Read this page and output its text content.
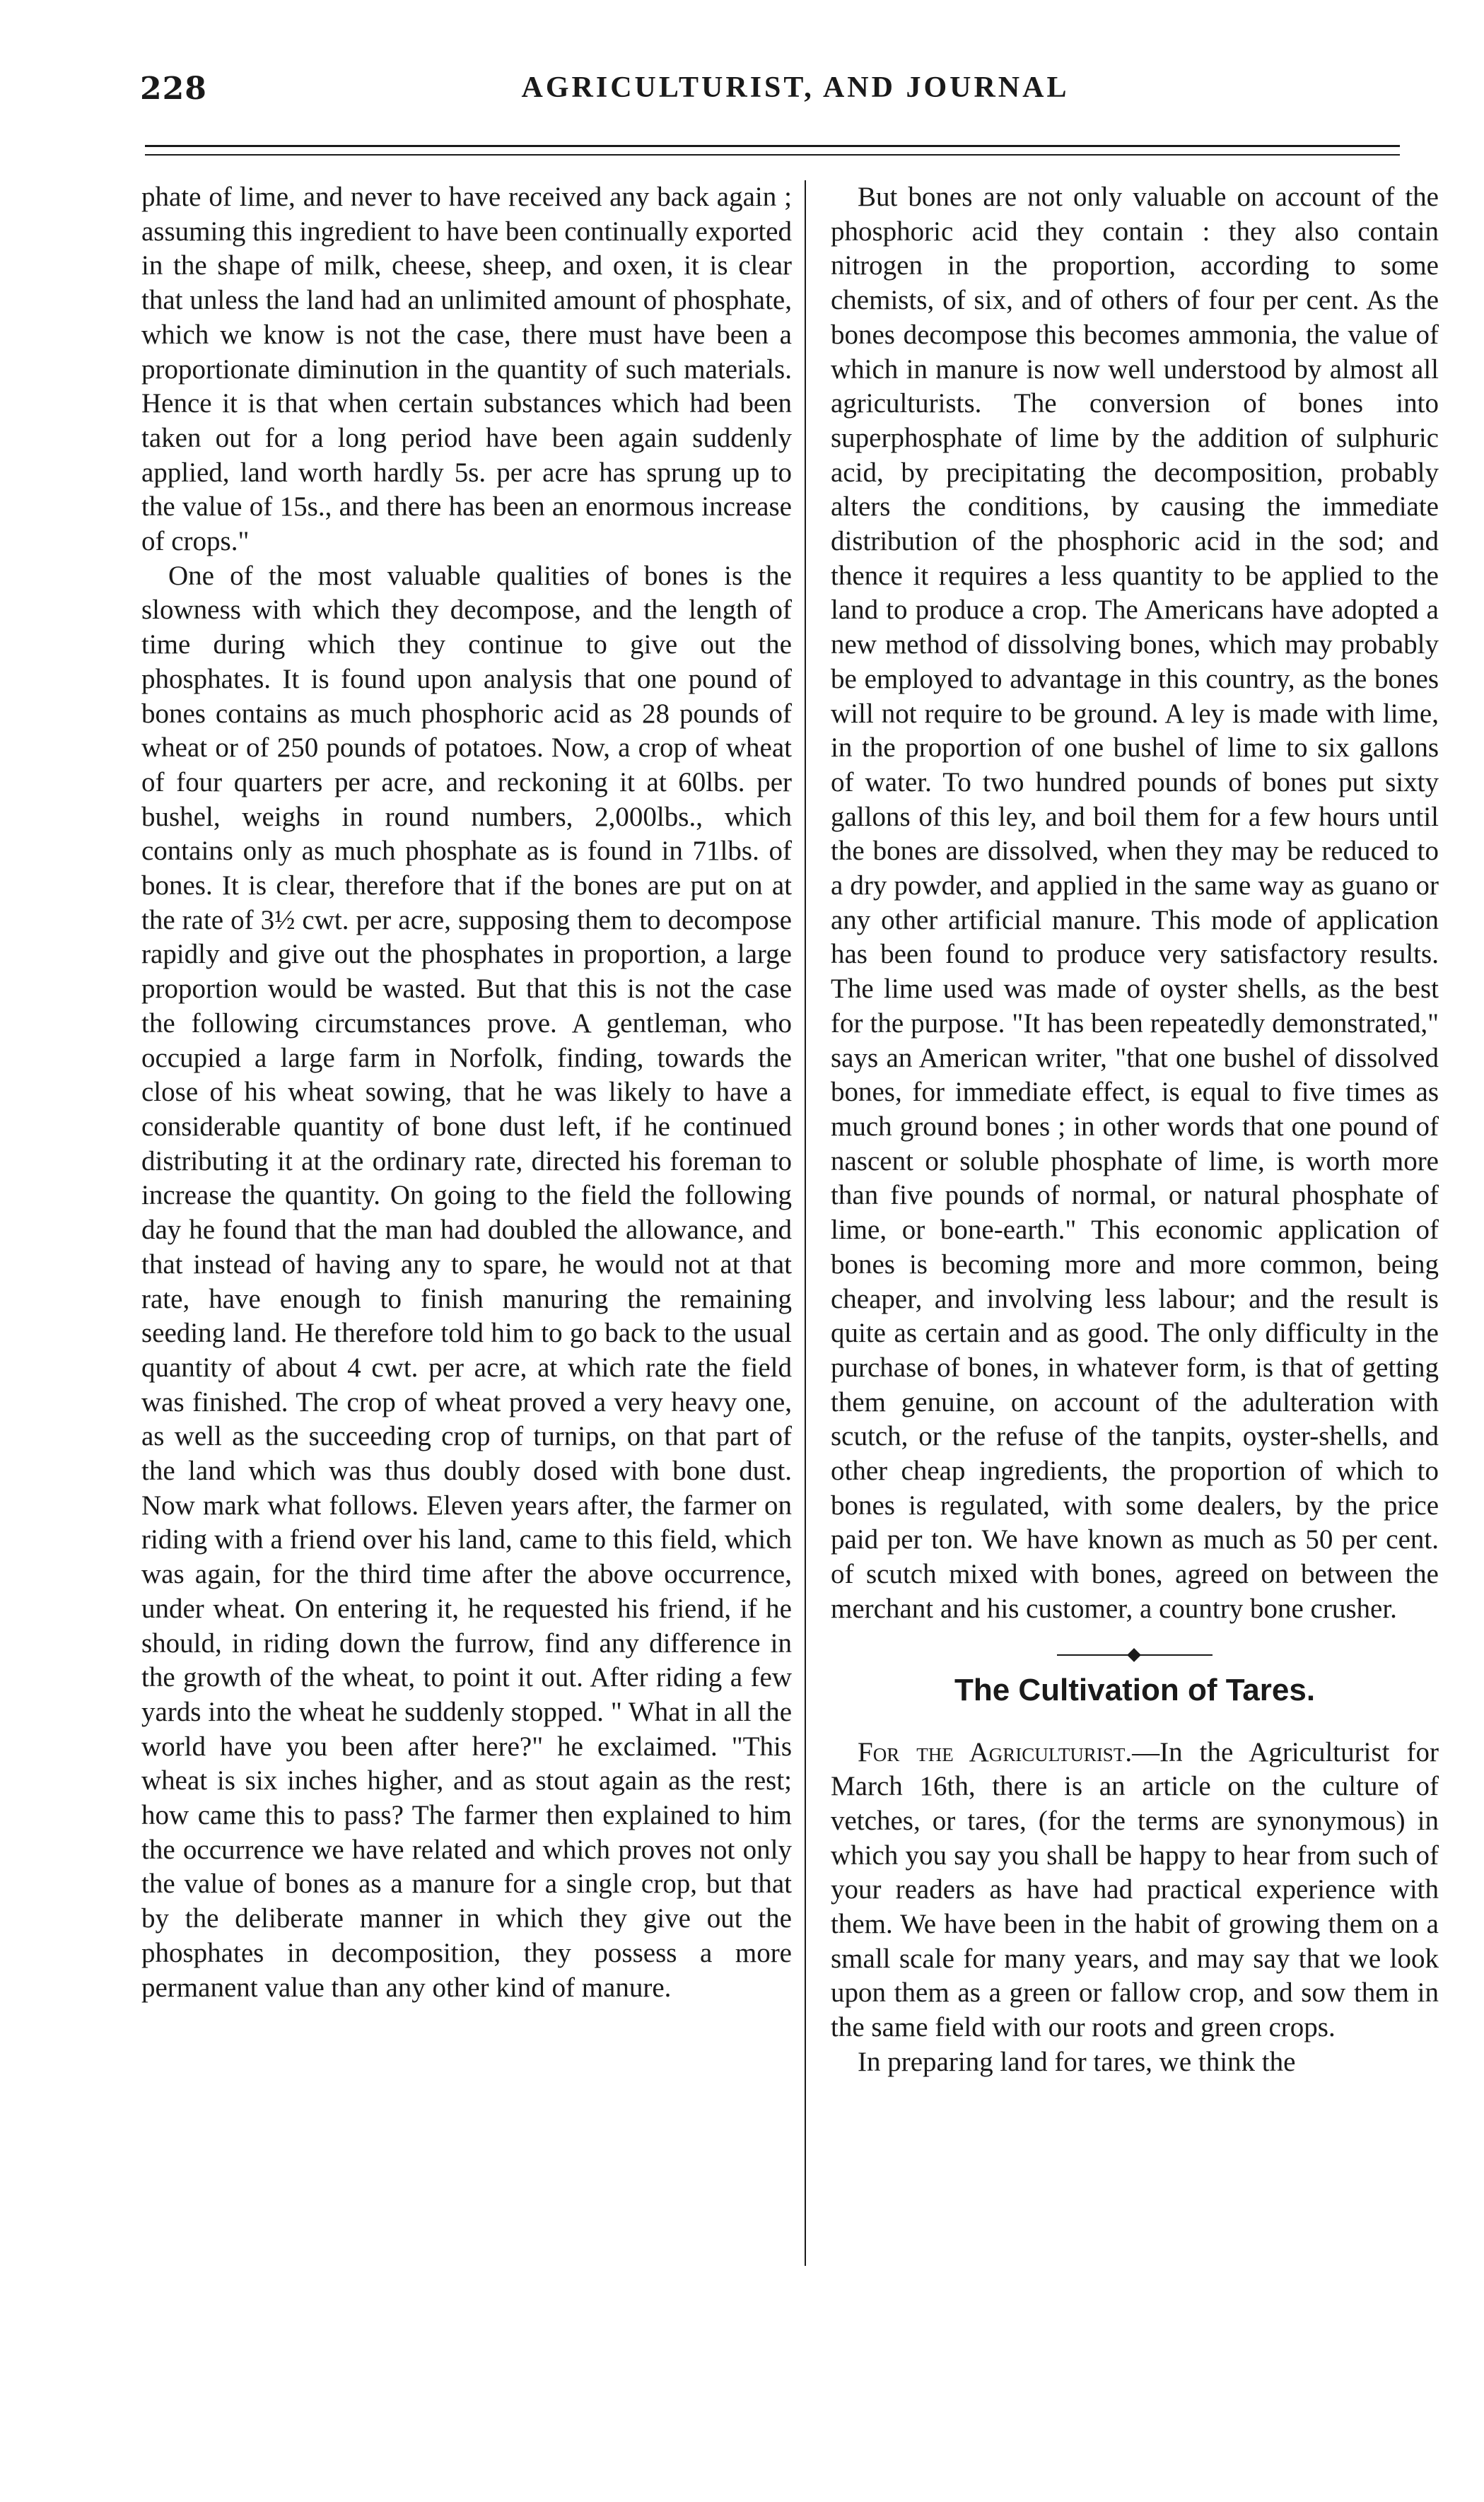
228	AGRICULTURIST, AND JOURNAL

phate of lime, and never to have received any back again ; assuming this ingredient to have been continually exported in the shape of milk, cheese, sheep, and oxen, it is clear that unless the land had an unlimited amount of phosphate, which we know is not the case, there must have been a proportionate diminution in the quantity of such materials. Hence it is that when certain substances which had been taken out for a long period have been again suddenly applied, land worth hardly 5s. per acre has sprung up to the value of 15s., and there has been an enormous increase of crops."

One of the most valuable qualities of bones is the slowness with which they decompose, and the length of time during which they continue to give out the phosphates. It is found upon analysis that one pound of bones contains as much phosphoric acid as 28 pounds of wheat or of 250 pounds of potatoes. Now, a crop of wheat of four quarters per acre, and reckoning it at 60lbs. per bushel, weighs in round numbers, 2,000lbs., which contains only as much phosphate as is found in 71lbs. of bones. It is clear, therefore that if the bones are put on at the rate of 3½ cwt. per acre, supposing them to decompose rapidly and give out the phosphates in proportion, a large proportion would be wasted. But that this is not the case the following circumstances prove. A gentleman, who occupied a large farm in Norfolk, finding, towards the close of his wheat sowing, that he was likely to have a considerable quantity of bone dust left, if he continued distributing it at the ordinary rate, directed his foreman to increase the quantity. On going to the field the following day he found that the man had doubled the allowance, and that instead of having any to spare, he would not at that rate, have enough to finish manuring the remaining seeding land. He therefore told him to go back to the usual quantity of about 4 cwt. per acre, at which rate the field was finished. The crop of wheat proved a very heavy one, as well as the succeeding crop of turnips, on that part of the land which was thus doubly dosed with bone dust. Now mark what follows. Eleven years after, the farmer on riding with a friend over his land, came to this field, which was again, for the third time after the above occurrence, under wheat. On entering it, he requested his friend, if he should, in riding down the furrow, find any difference in the growth of the wheat, to point it out. After riding a few yards into the wheat he suddenly stopped. " What in all the world have you been after here?" he exclaimed. "This wheat is six inches higher, and as stout again as the rest; how came this to pass? The farmer then explained to him the occurrence we have related and which proves not only the value of bones as a manure for a single crop, but that by the deliberate manner in which they give out the phosphates in decomposition, they possess a more permanent value than any other kind of manure.

But bones are not only valuable on account of the phosphoric acid they contain : they also contain nitrogen in the proportion, according to some chemists, of six, and of others of four per cent. As the bones decompose this becomes ammonia, the value of which in manure is now well understood by almost all agriculturists. The conversion of bones into superphosphate of lime by the addition of sulphuric acid, by precipitating the decomposition, probably alters the conditions, by causing the immediate distribution of the phosphoric acid in the sod; and thence it requires a less quantity to be applied to the land to produce a crop. The Americans have adopted a new method of dissolving bones, which may probably be employed to advantage in this country, as the bones will not require to be ground. A ley is made with lime, in the proportion of one bushel of lime to six gallons of water. To two hundred pounds of bones put sixty gallons of this ley, and boil them for a few hours until the bones are dissolved, when they may be reduced to a dry powder, and applied in the same way as guano or any other artificial manure. This mode of application has been found to produce very satisfactory results. The lime used was made of oyster shells, as the best for the purpose. "It has been repeatedly demonstrated," says an American writer, "that one bushel of dissolved bones, for immediate effect, is equal to five times as much ground bones ; in other words that one pound of nascent or soluble phosphate of lime, is worth more than five pounds of normal, or natural phosphate of lime, or bone-earth." This economic application of bones is becoming more and more common, being cheaper, and involving less labour; and the result is quite as certain and as good. The only difficulty in the purchase of bones, in whatever form, is that of getting them genuine, on account of the adulteration with scutch, or the refuse of the tanpits, oyster-shells, and other cheap ingredients, the proportion of which to bones is regulated, with some dealers, by the price paid per ton. We have known as much as 50 per cent. of scutch mixed with bones, agreed on between the merchant and his customer, a country bone crusher.

The Cultivation of Tares.

For the Agriculturist.—In the Agriculturist for March 16th, there is an article on the culture of vetches, or tares, (for the terms are synonymous) in which you say you shall be happy to hear from such of your readers as have had practical experience with them. We have been in the habit of growing them on a small scale for many years, and may say that we look upon them as a green or fallow crop, and sow them in the same field with our roots and green crops.

In preparing land for tares, we think the
